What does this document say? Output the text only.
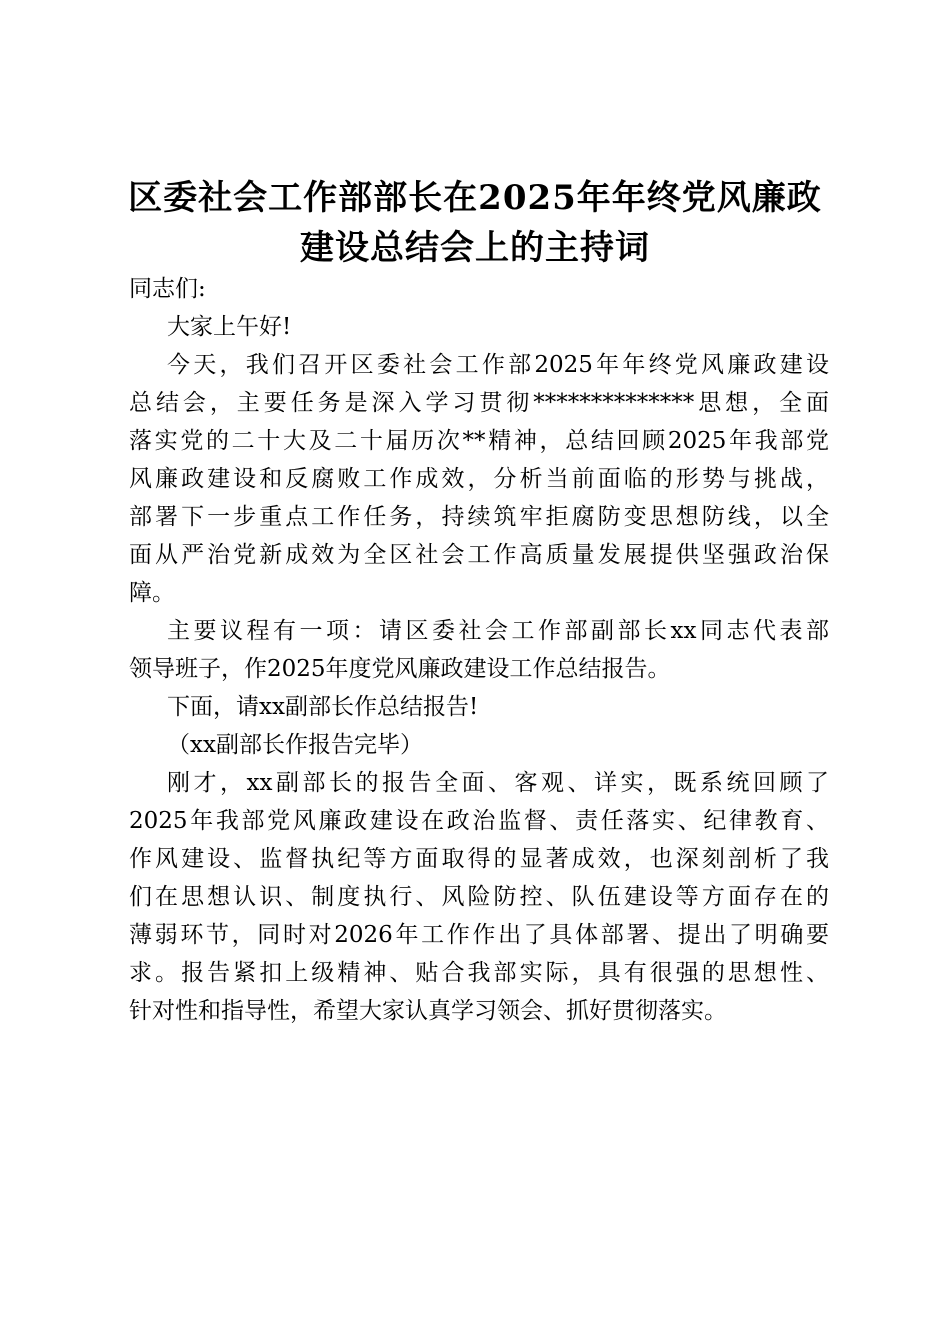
区委社会工作部部长在2025年年终党风廉政
建设总结会上的主持词
同志们:
大家上午好!
今天，我们召开区委社会工作部2025年年终党风廉政建设
总结会，主要任务是深入学习贯彻**************思想，全面
落实党的二十大及二十届历次**精神，总结回顾2025年我部党
风廉政建设和反腐败工作成效，分析当前面临的形势与挑战，
部署下一步重点工作任务，持续筑牢拒腐防变思想防线，以全
面从严治党新成效为全区社会工作高质量发展提供坚强政治保
障。
主要议程有一项：请区委社会工作部副部长xx同志代表部
领导班子，作2025年度党风廉政建设工作总结报告。
下面，请xx副部长作总结报告!
（xx副部长作报告完毕）
刚才，xx副部长的报告全面、客观、详实，既系统回顾了
2025年我部党风廉政建设在政治监督、责任落实、纪律教育、
作风建设、监督执纪等方面取得的显著成效，也深刻剖析了我
们在思想认识、制度执行、风险防控、队伍建设等方面存在的
薄弱环节，同时对2026年工作作出了具体部署、提出了明确要
求。报告紧扣上级精神、贴合我部实际，具有很强的思想性、
针对性和指导性，希望大家认真学习领会、抓好贯彻落实。
